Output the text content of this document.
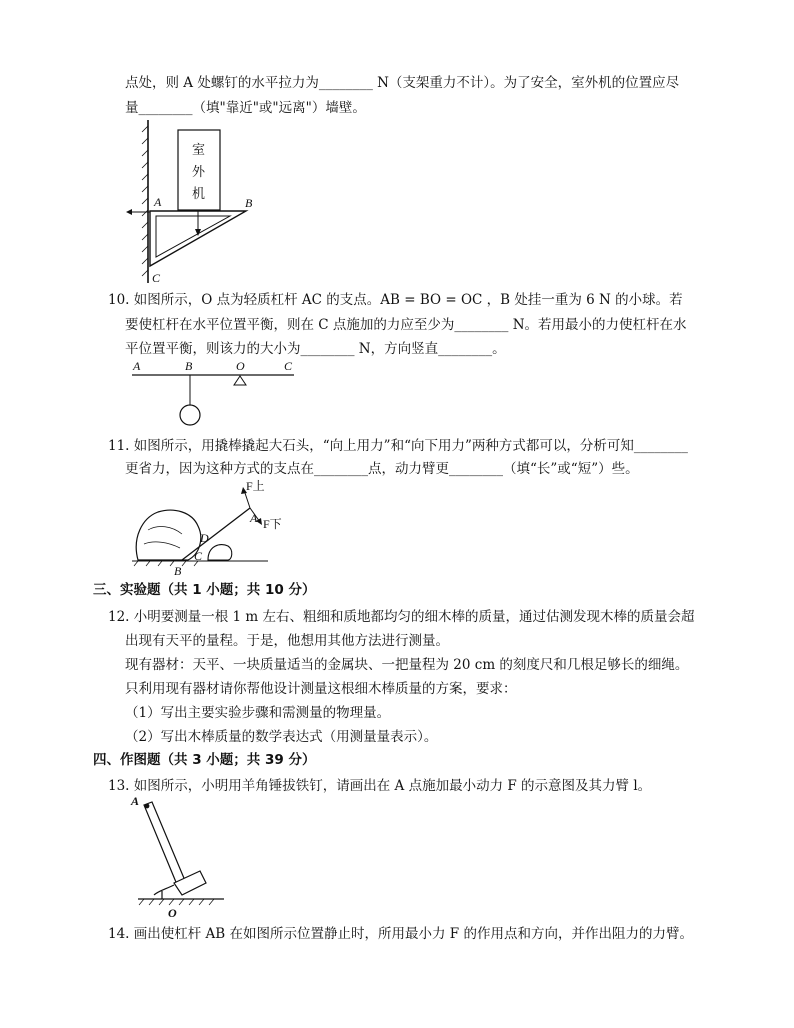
点处，则 A 处螺钉的水平拉力为________ N（支架重力不计）。为了安全，室外机的位置应尽
量________（填"靠近"或"远离"）墙壁。
室
外
机
A	B
C
10. 如图所示，O 点为轻质杠杆 AC 的支点。AB = BO = OC ，B 处挂一重为 6 N 的小球。若
要使杠杆在水平位置平衡，则在 C 点施加的力应至少为________ N。若用最小的力使杠杆在水
平位置平衡，则该力的大小为________ N，方向竖直________。
A	B	O	C
11. 如图所示，用撬棒撬起大石头，“向上用力”和“向下用力”两种方式都可以，分析可知________
更省力，因为这种方式的支点在________点，动力臂更________（填“长”或“短”）些。
F上
A F下
D
C
B
三、实验题（共 1 小题；共 10 分）
12. 小明要测量一根 1 m 左右、粗细和质地都均匀的细木棒的质量，通过估测发现木棒的质量会超
出现有天平的量程。于是，他想用其他方法进行测量。
现有器材：天平、一块质量适当的金属块、一把量程为 20 cm 的刻度尺和几根足够长的细绳。
只利用现有器材请你帮他设计测量这根细木棒质量的方案，要求：
（1）写出主要实验步骤和需测量的物理量。
（2）写出木棒质量的数学表达式（用测量量表示）。
四、作图题（共 3 小题；共 39 分）
13. 如图所示，小明用羊角锤拔铁钉，请画出在 A 点施加最小动力 F 的示意图及其力臂 l。
A
O
14. 画出使杠杆 AB 在如图所示位置静止时，所用最小力 F 的作用点和方向，并作出阻力的力臂。
